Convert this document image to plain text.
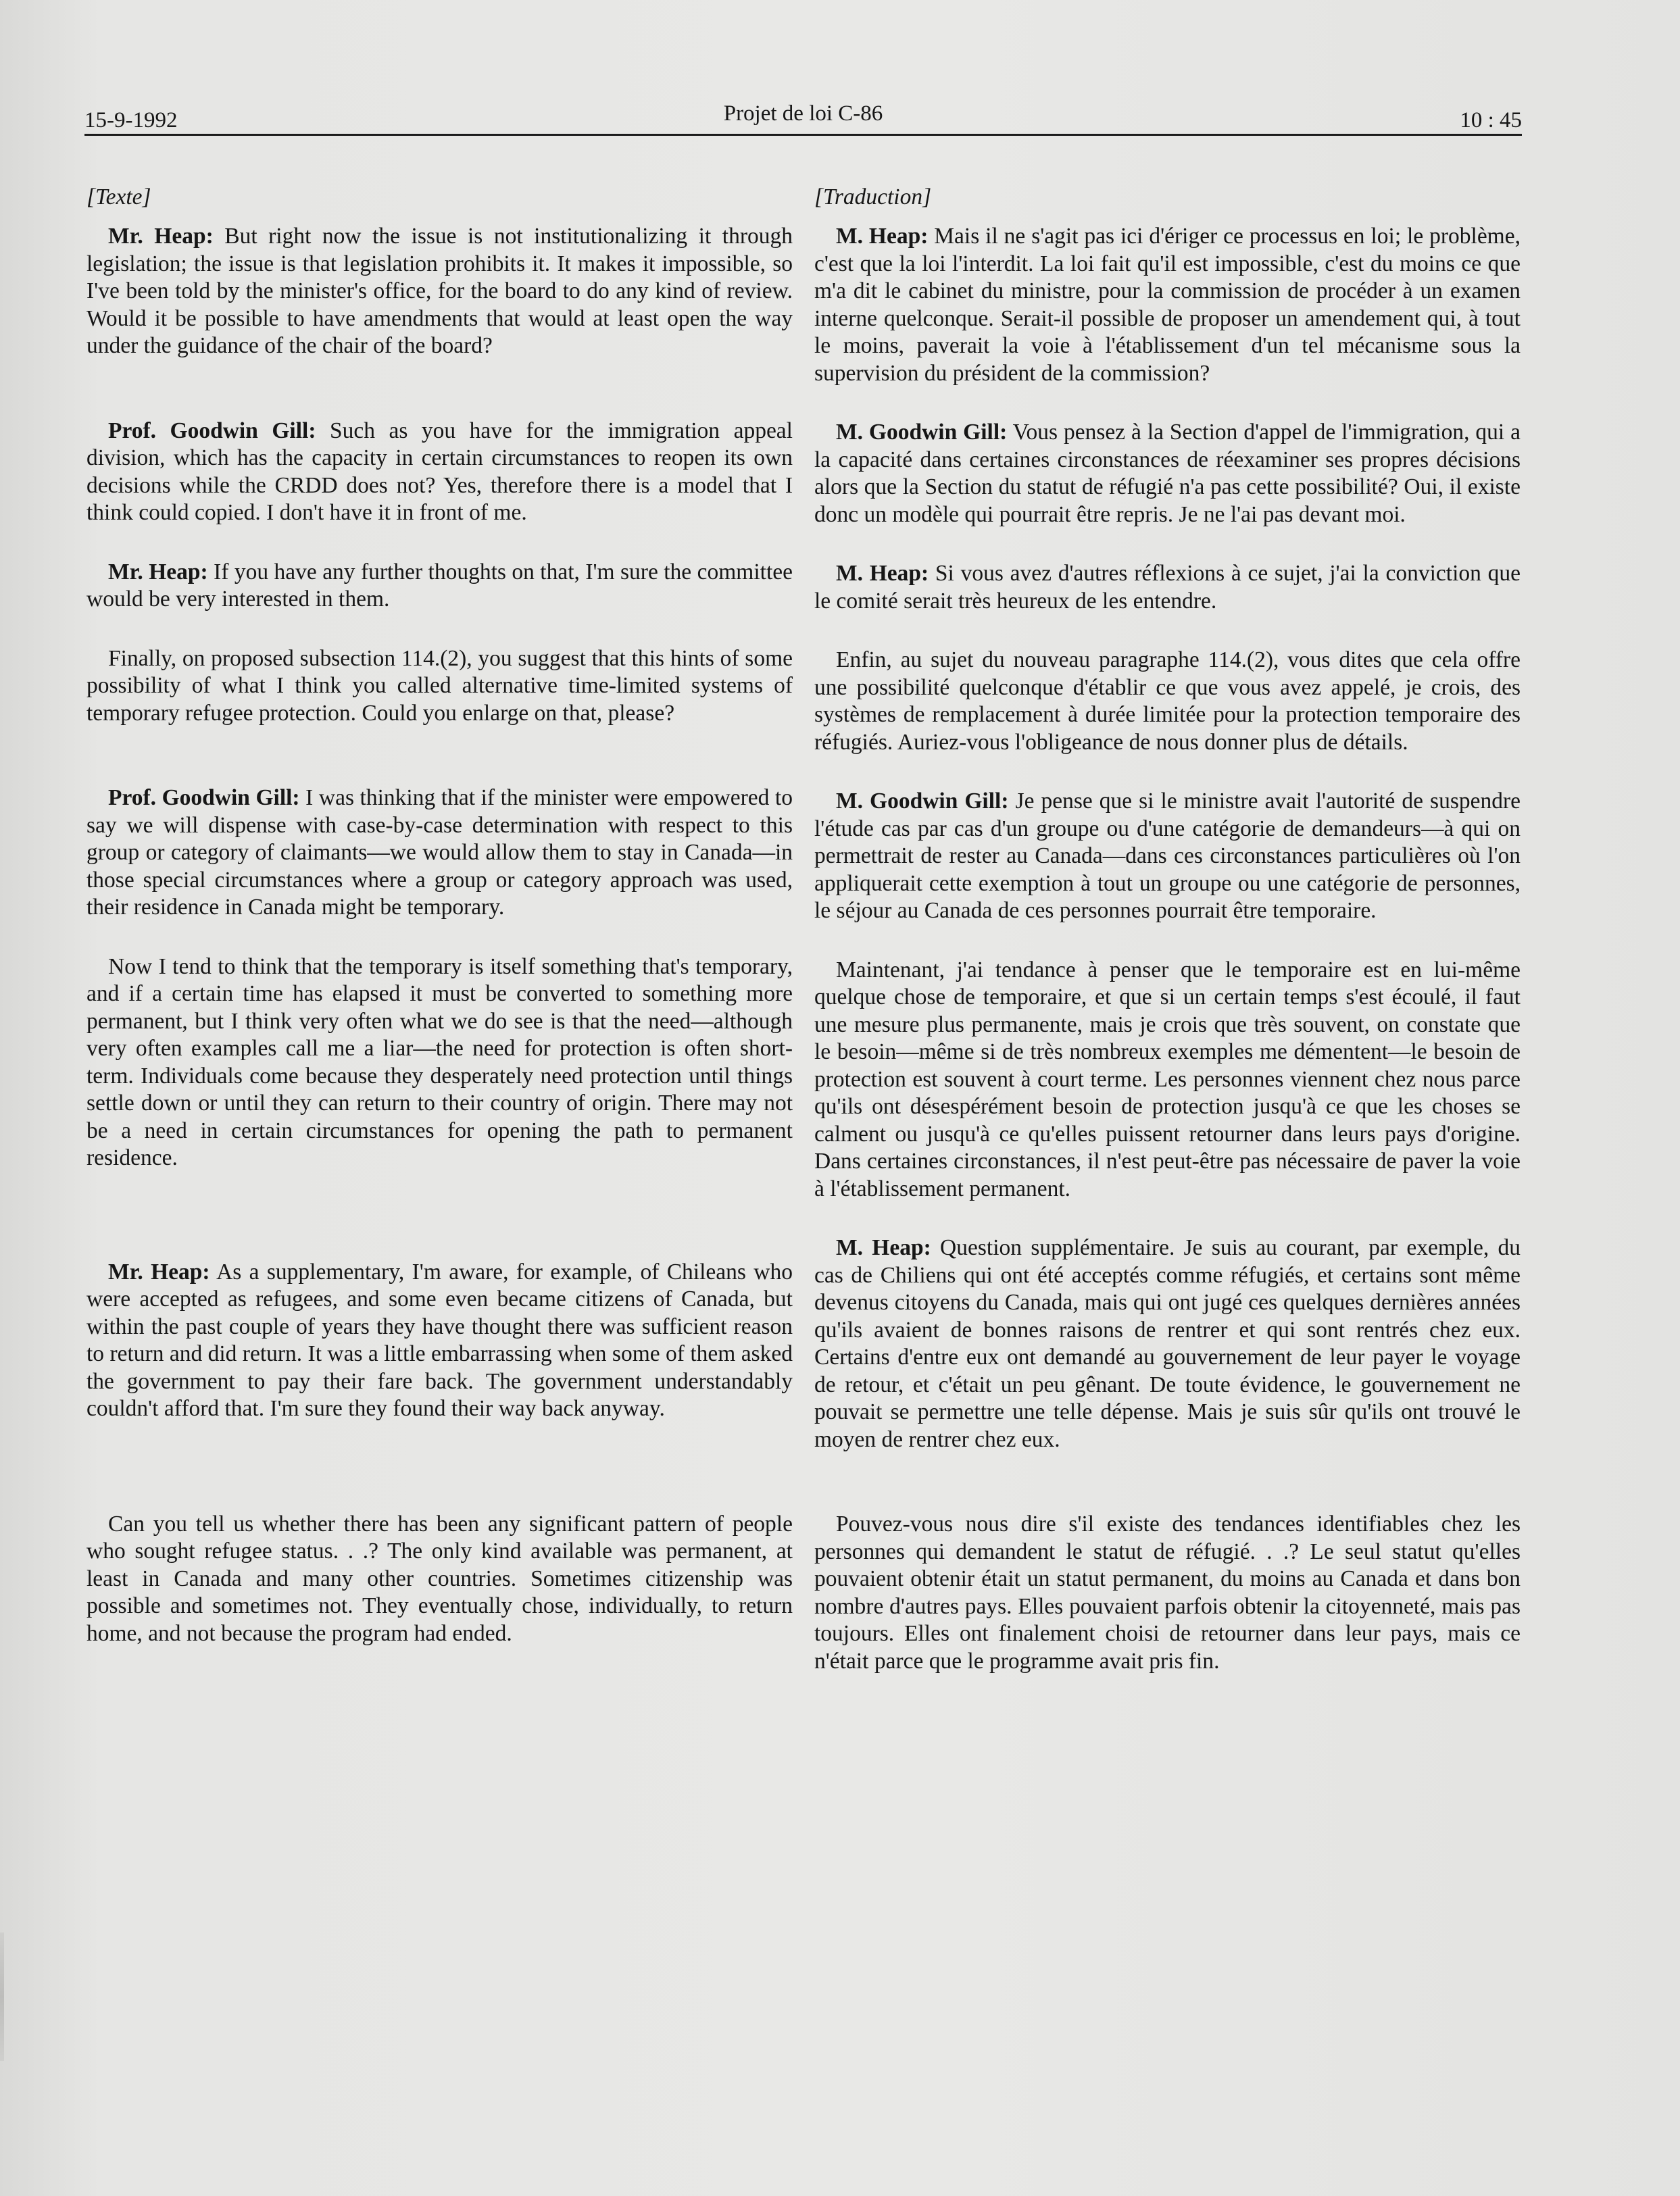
15-9-1992	Projet de loi C-86	10 : 45

[Texte]

Mr. Heap: But right now the issue is not institutionalizing it through legislation; the issue is that legislation prohibits it. It makes it impossible, so I've been told by the minister's office, for the board to do any kind of review. Would it be possible to have amendments that would at least open the way under the guidance of the chair of the board?

Prof. Goodwin Gill: Such as you have for the immigration appeal division, which has the capacity in certain circumstances to reopen its own decisions while the CRDD does not? Yes, therefore there is a model that I think could copied. I don't have it in front of me.

Mr. Heap: If you have any further thoughts on that, I'm sure the committee would be very interested in them.

Finally, on proposed subsection 114.(2), you suggest that this hints of some possibility of what I think you called alternative time-limited systems of temporary refugee protection. Could you enlarge on that, please?

Prof. Goodwin Gill: I was thinking that if the minister were empowered to say we will dispense with case-by-case determination with respect to this group or category of claimants—we would allow them to stay in Canada—in those special circumstances where a group or category approach was used, their residence in Canada might be temporary.

Now I tend to think that the temporary is itself something that's temporary, and if a certain time has elapsed it must be converted to something more permanent, but I think very often what we do see is that the need—although very often examples call me a liar—the need for protection is often short-term. Individuals come because they desperately need protection until things settle down or until they can return to their country of origin. There may not be a need in certain circumstances for opening the path to permanent residence.

Mr. Heap: As a supplementary, I'm aware, for example, of Chileans who were accepted as refugees, and some even became citizens of Canada, but within the past couple of years they have thought there was sufficient reason to return and did return. It was a little embarrassing when some of them asked the government to pay their fare back. The government understandably couldn't afford that. I'm sure they found their way back anyway.

Can you tell us whether there has been any significant pattern of people who sought refugee status. . .? The only kind available was permanent, at least in Canada and many other countries. Sometimes citizenship was possible and sometimes not. They eventually chose, individually, to return home, and not because the program had ended.

[Traduction]

M. Heap: Mais il ne s'agit pas ici d'ériger ce processus en loi; le problème, c'est que la loi l'interdit. La loi fait qu'il est impossible, c'est du moins ce que m'a dit le cabinet du ministre, pour la commission de procéder à un examen interne quelconque. Serait-il possible de proposer un amendement qui, à tout le moins, paverait la voie à l'établissement d'un tel mécanisme sous la supervision du président de la commission?

M. Goodwin Gill: Vous pensez à la Section d'appel de l'immigration, qui a la capacité dans certaines circonstances de réexaminer ses propres décisions alors que la Section du statut de réfugié n'a pas cette possibilité? Oui, il existe donc un modèle qui pourrait être repris. Je ne l'ai pas devant moi.

M. Heap: Si vous avez d'autres réflexions à ce sujet, j'ai la conviction que le comité serait très heureux de les entendre.

Enfin, au sujet du nouveau paragraphe 114.(2), vous dites que cela offre une possibilité quelconque d'établir ce que vous avez appelé, je crois, des systèmes de remplacement à durée limitée pour la protection temporaire des réfugiés. Auriez-vous l'obligeance de nous donner plus de détails.

M. Goodwin Gill: Je pense que si le ministre avait l'autorité de suspendre l'étude cas par cas d'un groupe ou d'une catégorie de demandeurs—à qui on permettrait de rester au Canada—dans ces circonstances particulières où l'on appliquerait cette exemption à tout un groupe ou une catégorie de personnes, le séjour au Canada de ces personnes pourrait être temporaire.

Maintenant, j'ai tendance à penser que le temporaire est en lui-même quelque chose de temporaire, et que si un certain temps s'est écoulé, il faut une mesure plus permanente, mais je crois que très souvent, on constate que le besoin—même si de très nombreux exemples me démentent—le besoin de protection est souvent à court terme. Les personnes viennent chez nous parce qu'ils ont désespérément besoin de protection jusqu'à ce que les choses se calment ou jusqu'à ce qu'elles puissent retourner dans leurs pays d'origine. Dans certaines circonstances, il n'est peut-être pas nécessaire de paver la voie à l'établissement permanent.

M. Heap: Question supplémentaire. Je suis au courant, par exemple, du cas de Chiliens qui ont été acceptés comme réfugiés, et certains sont même devenus citoyens du Canada, mais qui ont jugé ces quelques dernières années qu'ils avaient de bonnes raisons de rentrer et qui sont rentrés chez eux. Certains d'entre eux ont demandé au gouvernement de leur payer le voyage de retour, et c'était un peu gênant. De toute évidence, le gouvernement ne pouvait se permettre une telle dépense. Mais je suis sûr qu'ils ont trouvé le moyen de rentrer chez eux.

Pouvez-vous nous dire s'il existe des tendances identifiables chez les personnes qui demandent le statut de réfugié. . .? Le seul statut qu'elles pouvaient obtenir était un statut permanent, du moins au Canada et dans bon nombre d'autres pays. Elles pouvaient parfois obtenir la citoyenneté, mais pas toujours. Elles ont finalement choisi de retourner dans leur pays, mais ce n'était parce que le programme avait pris fin.
